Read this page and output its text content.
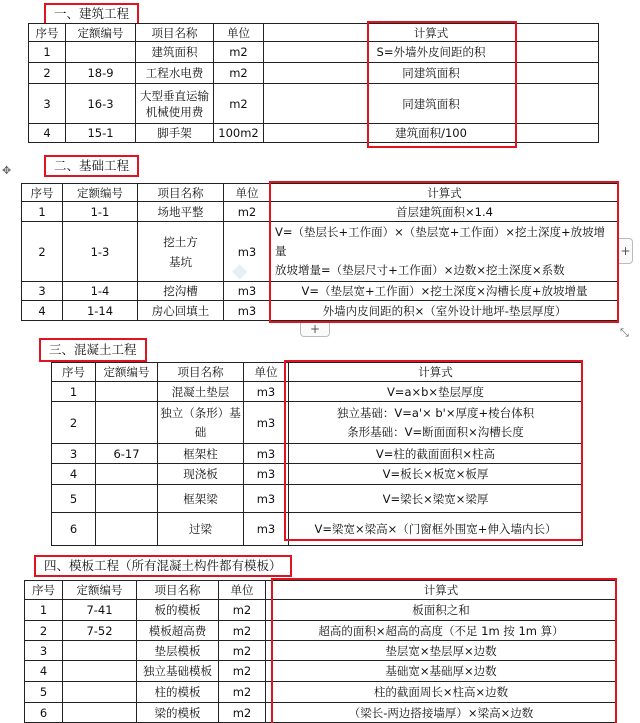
一、建筑工程
序号	定额编号	项目名称	单位	计算式
1		建筑面积	m2	S=外墙外皮间距的积
2	18-9	工程水电费	m2	同建筑面积
3	16-3	大型垂直运输机械使用费	m2	同建筑面积
4	15-1	脚手架	100m2	建筑面积/100
✥	二、基础工程
序号	定额编号	项目名称	单位	计算式
1	1-1	场地平整	m2	首层建筑面积×1.4
2	1-3	挖土方基坑	m3	V=（垫层长+工作面）×（垫层宽+工作面）×挖土深度+放坡增量
放坡增量=（垫层尺寸+工作面）×边数×挖土深度×系数

3	1-4	挖沟槽	m3	V=（垫层宽+工作面）×挖土深度×沟槽长度+放坡增量
4	1-14	房心回填土	m3	外墙内皮间距的积×（室外设计地坪-垫层厚度）
◆
+
+	⤡
三、混凝土工程
序号	定额编号	项目名称	单位	计算式
1		混凝土垫层	m3	V=a×b×垫层厚度
2		独立（条形）基础	m3	独立基础：V=a'× b'×厚度+棱台体积
条形基础：V=断面面积×沟槽长度

3	6-17	框架柱	m3	V=柱的截面面积×柱高
4		现浇板	m3	V=板长×板宽×板厚
5		框架梁	m3	V=梁长×梁宽×梁厚
6		过梁	m3	V=梁宽×梁高×（门窗框外围宽+伸入墙内长）
四、模板工程（所有混凝土构件都有模板）
序号	定额编号	项目名称	单位	计算式
1	7-41	板的模板	m2	板面积之和
2	7-52	模板超高费	m2	超高的面积×超高的高度（不足 1m 按 1m 算）
3		垫层模板	m2	垫层宽×垫层厚×边数
4		独立基础模板	m2	基础宽×基础厚×边数
5		柱的模板	m2	柱的截面周长×柱高×边数
6		梁的模板	m2	（梁长-两边搭接墙厚）×梁高×边数
